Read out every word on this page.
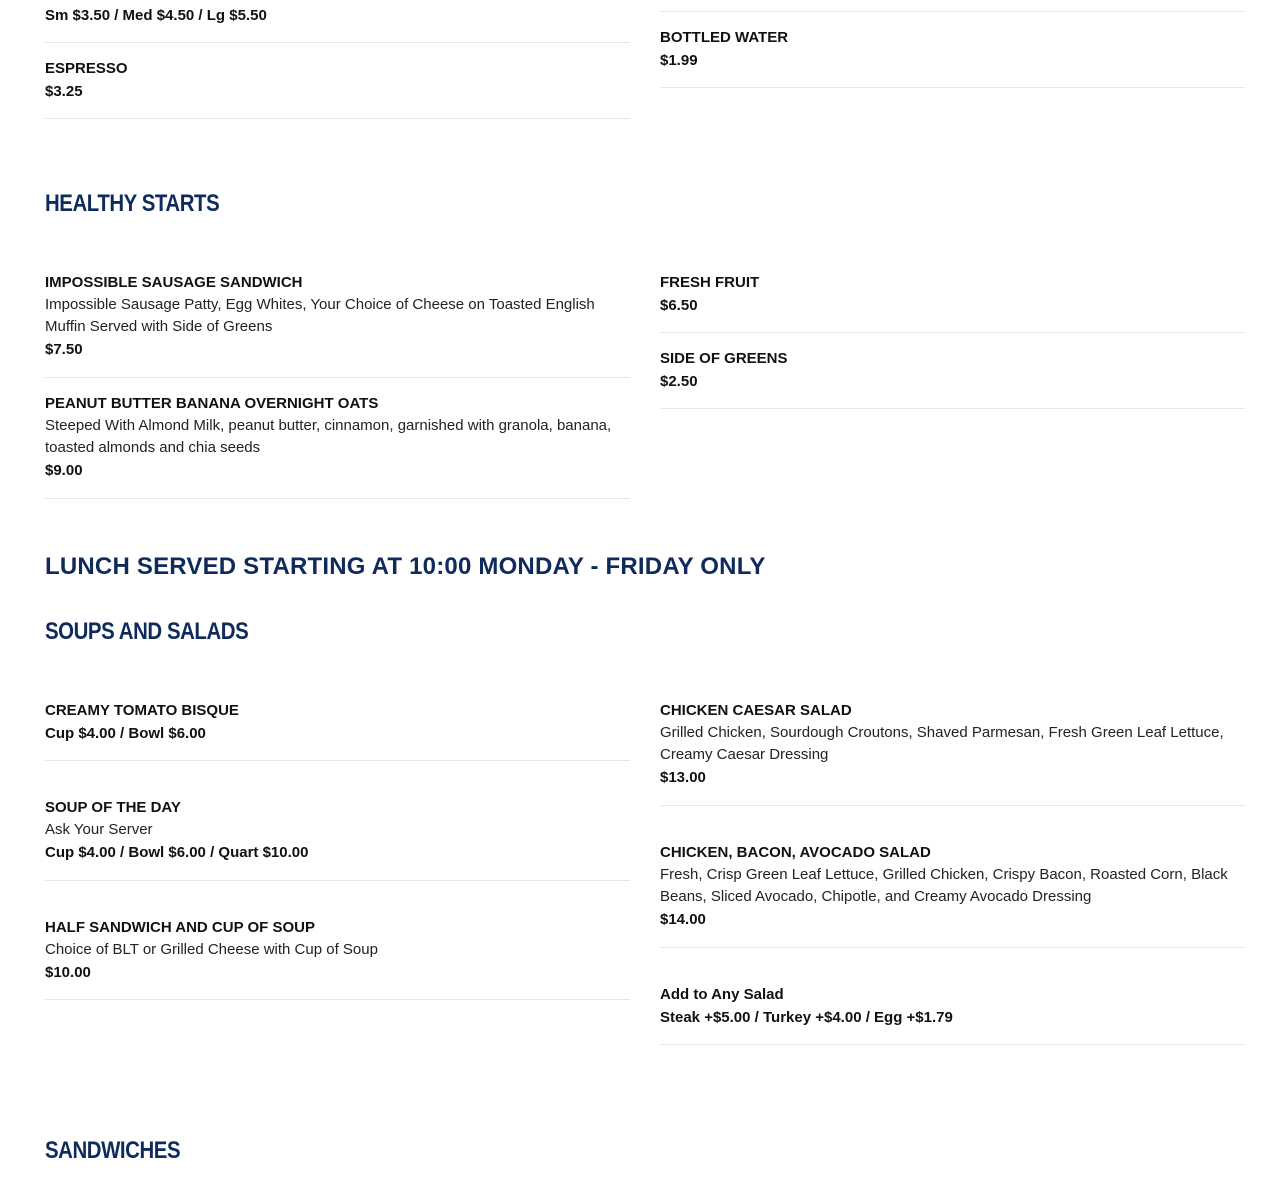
Sm $3.50 / Med $4.50 / Lg $5.50
ESPRESSO
$3.25
BOTTLED WATER
$1.99
HEALTHY STARTS
IMPOSSIBLE SAUSAGE SANDWICH
Impossible Sausage Patty, Egg Whites, Your Choice of Cheese on Toasted English Muffin Served with Side of Greens
$7.50
PEANUT BUTTER BANANA OVERNIGHT OATS
Steeped With Almond Milk, peanut butter, cinnamon, garnished with granola, banana, toasted almonds and chia seeds
$9.00
FRESH FRUIT
$6.50
SIDE OF GREENS
$2.50
LUNCH SERVED STARTING AT 10:00 MONDAY - FRIDAY ONLY
SOUPS AND SALADS
CREAMY TOMATO BISQUE
Cup $4.00 / Bowl $6.00
SOUP OF THE DAY
Ask Your Server
Cup $4.00 / Bowl $6.00 / Quart $10.00
HALF SANDWICH AND CUP OF SOUP
Choice of BLT or Grilled Cheese with Cup of Soup
$10.00
CHICKEN CAESAR SALAD
Grilled Chicken, Sourdough Croutons, Shaved Parmesan, Fresh Green Leaf Lettuce, Creamy Caesar Dressing
$13.00
CHICKEN, BACON, AVOCADO SALAD
Fresh, Crisp Green Leaf Lettuce, Grilled Chicken, Crispy Bacon, Roasted Corn, Black Beans, Sliced Avocado, Chipotle, and Creamy Avocado Dressing
$14.00
Add to Any Salad
Steak +$5.00 / Turkey +$4.00 / Egg +$1.79
SANDWICHES
